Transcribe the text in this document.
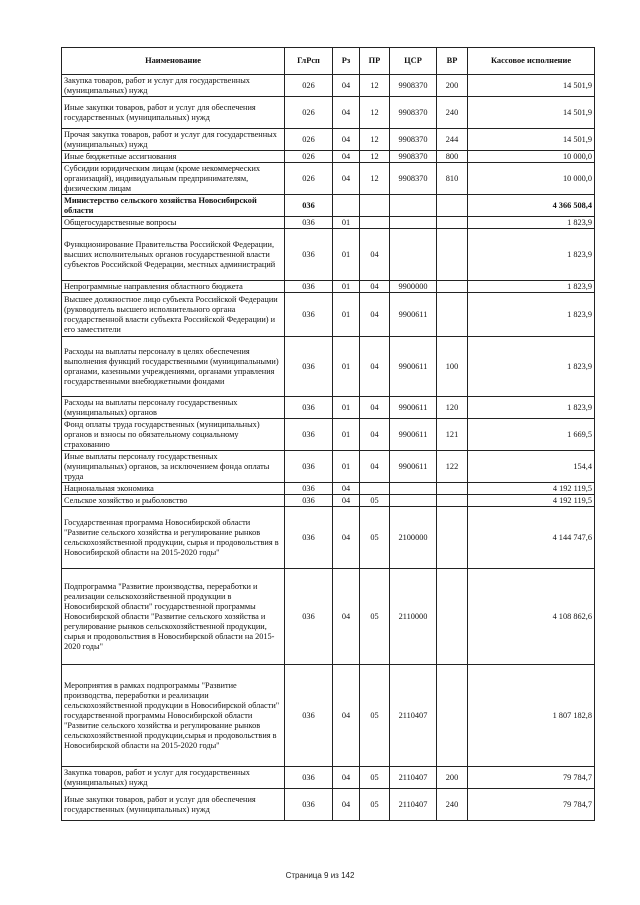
Наименование	ГлРсп	Рз	ПР	ЦСР	ВР	Кассовое исполнение
Закупка товаров, работ и услуг для государственных (муниципальных) нужд	026	04	12	9908370	200	14 501,9
Иные закупки товаров, работ и услуг для обеспечения государственных (муниципальных) нужд	026	04	12	9908370	240	14 501,9
Прочая закупка товаров, работ и услуг для государственных (муниципальных) нужд	026	04	12	9908370	244	14 501,9
Иные бюджетные ассигнования	026	04	12	9908370	800	10 000,0
Субсидии юридическим лицам (кроме некоммерческих организаций), индивидуальным предпринимателям, физическим лицам	026	04	12	9908370	810	10 000,0
Министерство сельского хозяйства Новосибирской области	036					4 366 508,4
Общегосударственные вопросы	036	01				1 823,9
Функционирование Правительства Российской Федерации, высших исполнительных органов государственной власти субъектов Российской Федерации, местных администраций	036	01	04			1 823,9
Непрограммные направления областного бюджета	036	01	04	9900000		1 823,9
Высшее должностное лицо субъекта Российской Федерации (руководитель высшего исполнительного органа государственной власти субъекта Российской Федерации) и его заместители	036	01	04	9900611		1 823,9
Расходы на выплаты персоналу в целях обеспечения выполнения функций государственными (муниципальными) органами, казенными учреждениями, органами управления государственными внебюджетными фондами	036	01	04	9900611	100	1 823,9
Расходы на выплаты персоналу государственных (муниципальных) органов	036	01	04	9900611	120	1 823,9
Фонд оплаты труда государственных (муниципальных) органов и взносы по обязательному социальному страхованию	036	01	04	9900611	121	1 669,5
Иные выплаты персоналу государственных (муниципальных) органов, за исключением фонда оплаты труда	036	01	04	9900611	122	154,4
Национальная экономика	036	04				4 192 119,5
Сельское хозяйство и рыболовство	036	04	05			4 192 119,5
Государственная программа Новосибирской области "Развитие сельского хозяйства и регулирование рынков сельскохозяйственной продукции, сырья и продовольствия в Новосибирской области на 2015-2020 годы"	036	04	05	2100000		4 144 747,6
Подпрограмма "Развитие производства, переработки и реализации сельскохозяйственной продукции в Новосибирской области" государственной программы Новосибирской области "Развитие сельского хозяйства и регулирование рынков сельскохозяйственной продукции, сырья и продовольствия в Новосибирской области на 2015-2020 годы"	036	04	05	2110000		4 108 862,6
Мероприятия в рамках подпрограммы "Развитие производства, переработки и реализации сельскохозяйственной продукции в Новосибирской области" государственной программы Новосибирской области "Развитие сельского хозяйства и регулирование рынков сельскохозяйственной продукции,сырья и продовольствия в Новосибирской области на 2015-2020 годы"	036	04	05	2110407		1 807 182,8
Закупка товаров, работ и услуг для государственных (муниципальных) нужд	036	04	05	2110407	200	79 784,7
Иные закупки товаров, работ и услуг для обеспечения государственных (муниципальных) нужд	036	04	05	2110407	240	79 784,7
Страница 9 из 142
